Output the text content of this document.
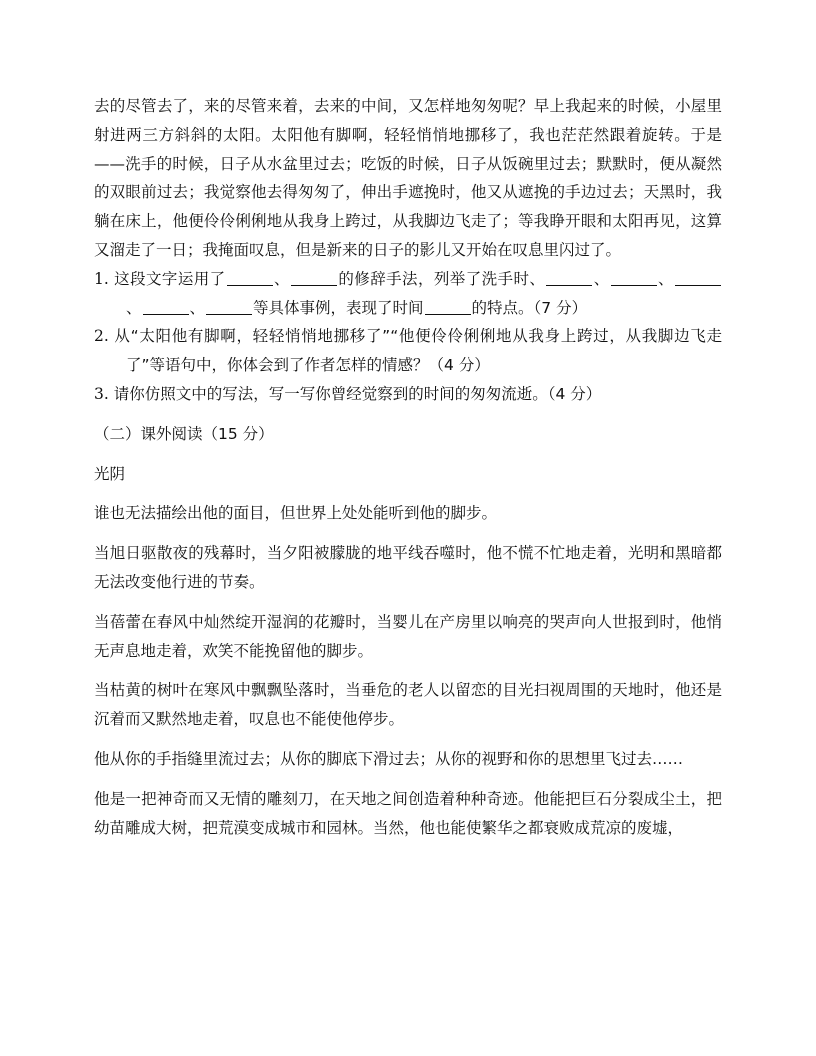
去的尽管去了，来的尽管来着，去来的中间，又怎样地匆匆呢？早上我起来的时候，小屋里射进两三方斜斜的太阳。太阳他有脚啊，轻轻悄悄地挪移了，我也茫茫然跟着旋转。于是——洗手的时候，日子从水盆里过去；吃饭的时候，日子从饭碗里过去；默默时，便从凝然的双眼前过去；我觉察他去得匆匆了，伸出手遮挽时，他又从遮挽的手边过去；天黑时，我躺在床上，他便伶伶俐俐地从我身上跨过，从我脚边飞走了；等我睁开眼和太阳再见，这算又溜走了一日；我掩面叹息，但是新来的日子的影儿又开始在叹息里闪过了。

1. 这段文字运用了	、	的修辞手法，列举了洗手时、	、	、、	、	等具体事例，表现了时间	的特点。（7 分）

2. 从“太阳他有脚啊，轻轻悄悄地挪移了”“他便伶伶俐俐地从我身上跨过，从我脚边飞走了”等语句中，你体会到了作者怎样的情感？（4 分）

3. 请你仿照文中的写法，写一写你曾经觉察到的时间的匆匆流逝。（4 分）

（二）课外阅读（15 分）

光阴

谁也无法描绘出他的面目，但世界上处处能听到他的脚步。

当旭日驱散夜的残幕时，当夕阳被朦胧的地平线吞噬时，他不慌不忙地走着，光明和黑暗都无法改变他行进的节奏。

当蓓蕾在春风中灿然绽开湿润的花瓣时，当婴儿在产房里以响亮的哭声向人世报到时，他悄无声息地走着，欢笑不能挽留他的脚步。

当枯黄的树叶在寒风中飘飘坠落时，当垂危的老人以留恋的目光扫视周围的天地时，他还是沉着而又默然地走着，叹息也不能使他停步。

他从你的手指缝里流过去；从你的脚底下滑过去；从你的视野和你的思想里飞过去……

他是一把神奇而又无情的雕刻刀，在天地之间创造着种种奇迹。他能把巨石分裂成尘土，把幼苗雕成大树，把荒漠变成城市和园林。当然，他也能使繁华之都衰败成荒凉的废墟，
